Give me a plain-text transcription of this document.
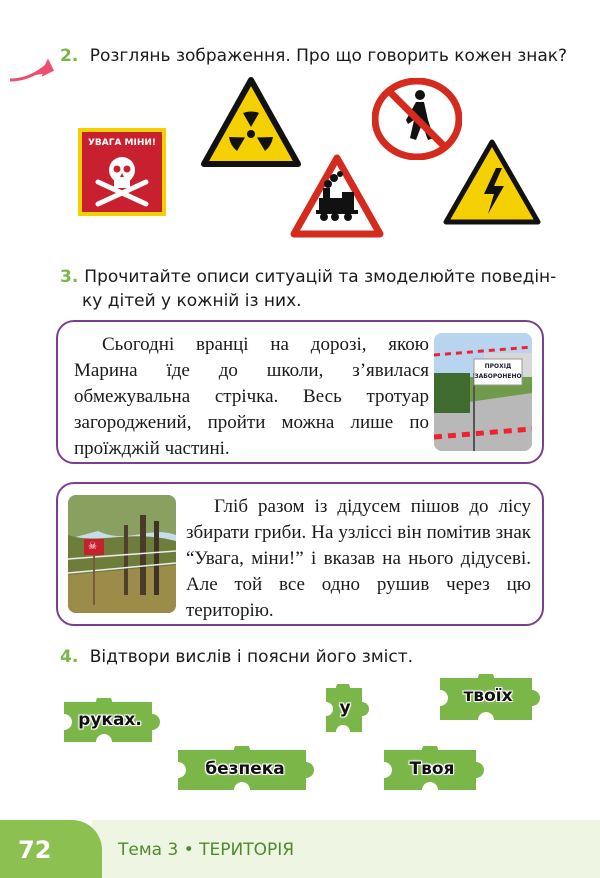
2. Розглянь зображення. Про що говорить кожен знак?
УВАГА МІНИ!
3. Прочитайте описи ситуацій та змоделюйте поведін-
ку дітей у кожній із них.
Сьогодні вранці на дорозі, якою Марина їде до школи, з’явилася обмежувальна стрічка. Весь тротуар загороджений, пройти можна лише по проїжджій частині.
ПРОХІД
ЗАБОРОНЕНО
☠
Гліб разом із дідусем пішов до лісу збирати гриби. На узліссі він помітив знак “Увага, міни!” і вказав на нього дідусеві. Але той все одно рушив через цю територію.
4. Відтвори вислів і поясни його зміст.
руках.
у
твоїх
безпека	Твоя
72	Тема 3 • ТЕРИТОРІЯ
